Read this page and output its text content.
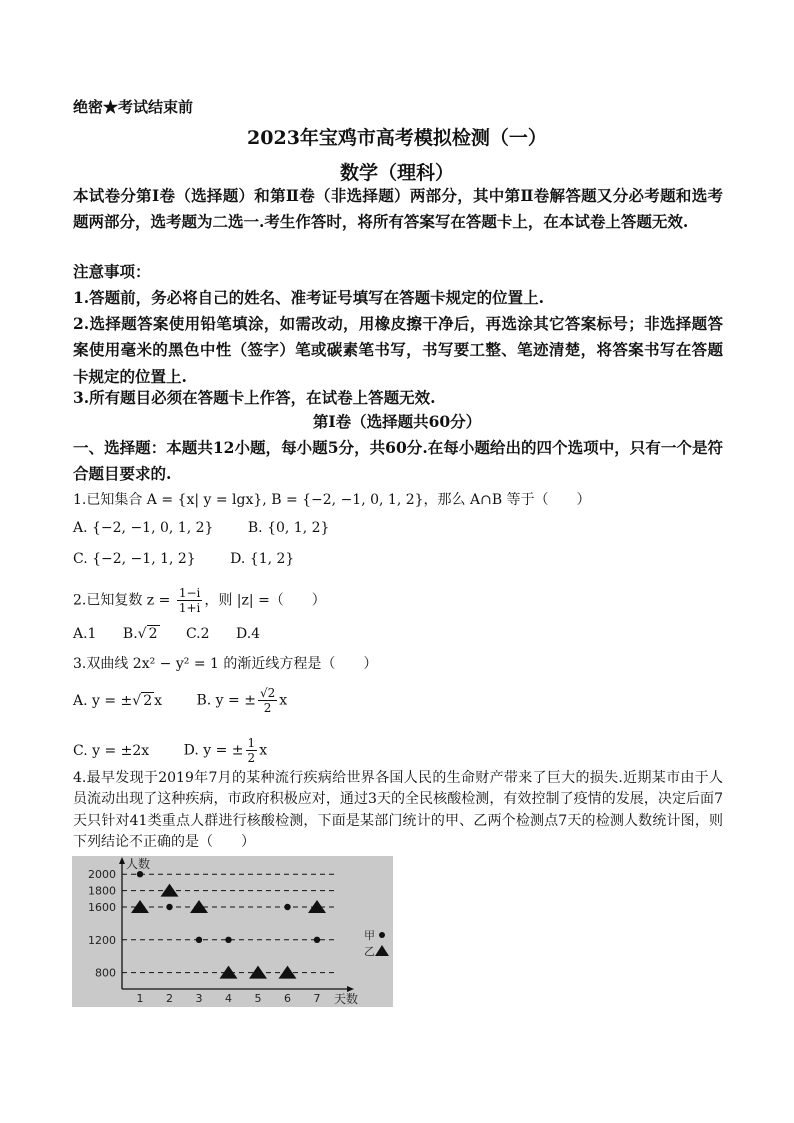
绝密★考试结束前
2023年宝鸡市高考模拟检测（一）
数学（理科）
本试卷分第Ⅰ卷（选择题）和第Ⅱ卷（非选择题）两部分，其中第Ⅱ卷解答题又分必考题和选考题两部分，选考题为二选一.考生作答时，将所有答案写在答题卡上，在本试卷上答题无效.
注意事项：
1.答题前，务必将自己的姓名、准考证号填写在答题卡规定的位置上.
2.选择题答案使用铅笔填涂，如需改动，用橡皮擦干净后，再选涂其它答案标号；非选择题答案使用毫米的黑色中性（签字）笔或碳素笔书写，书写要工整、笔迹清楚，将答案书写在答题卡规定的位置上.
3.所有题目必须在答题卡上作答，在试卷上答题无效.
第Ⅰ卷（选择题共60分）
一、选择题：本题共12小题，每小题5分，共60分.在每小题给出的四个选项中，只有一个是符合题目要求的.
1.已知集合 A = {x| y = lgx}, B = {−2, −1, 0, 1, 2}，那么 A∩B 等于（　　）
A. {−2, −1, 0, 1, 2} B. {0, 1, 2}
C. {−2, −1, 1, 2} D. {1, 2}
2.已知复数 $z = \frac{1-i}{1+i}$ ，则 |z| =（　　）
A.1 B.√ 2 C.2 D.4
3.双曲线 2x² − y² = 1 的渐近线方程是（　　）
A. y = ±√ 2 x B. y = ± $\frac{√2}{2}$ x
C. y = ±2x D. y = ± $\frac{1}{2}$ x
4.最早发现于2019年7月的某种流行疾病给世界各国人民的生命财产带来了巨大的损失.近期某市由于人员流动出现了这种疾病，市政府积极应对，通过3天的全民核酸检测，有效控制了疫情的发展，决定后面7天只针对41类重点人群进行核酸检测，下面是某部门统计的甲、乙两个检测点7天的检测人数统计图，则下列结论不正确的是（　　）
800
1200
1600
1800
2000
人数
天数
1 2 3 4 5 6 7
甲
乙
